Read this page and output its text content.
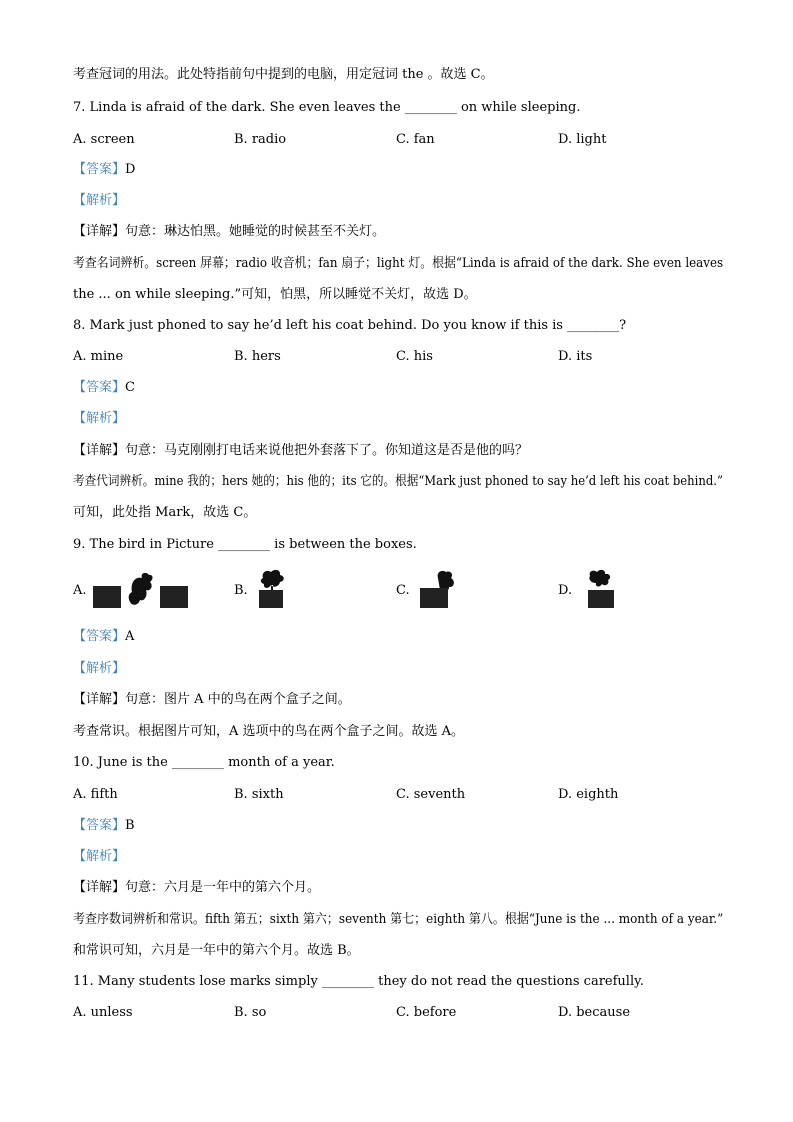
考查冠词的用法。此处特指前句中提到的电脑，用定冠词 the 。故选 C。
7. Linda is afraid of the dark. She even leaves the ________ on while sleeping.
A. screen	B. radio	C. fan	D. light
【答案】D
【解析】
【详解】句意：琳达怕黑。她睡觉的时候甚至不关灯。
考查名词辨析。screen 屏幕；radio 收音机；fan 扇子；light 灯。根据“Linda is afraid of the dark. She even leaves
the ... on while sleeping.”可知，怕黑，所以睡觉不关灯，故选 D。
8. Mark just phoned to say he’d left his coat behind. Do you know if this is ________?
A. mine	B. hers	C. his	D. its
【答案】C
【解析】
【详解】句意：马克刚刚打电话来说他把外套落下了。你知道这是否是他的吗？
考查代词辨析。mine 我的；hers 她的；his 他的；its 它的。根据“Mark just phoned to say he’d left his coat behind.”
可知，此处指 Mark，故选 C。
9. The bird in Picture ________ is between the boxes.
A.	B.	C.	D.
【答案】A
【解析】
【详解】句意：图片 A 中的鸟在两个盒子之间。
考查常识。根据图片可知，A 选项中的鸟在两个盒子之间。故选 A。
10. June is the ________ month of a year.
A. fifth	B. sixth	C. seventh	D. eighth
【答案】B
【解析】
【详解】句意：六月是一年中的第六个月。
考查序数词辨析和常识。fifth 第五；sixth 第六；seventh 第七；eighth 第八。根据“June is the ... month of a year.”
和常识可知，六月是一年中的第六个月。故选 B。
11. Many students lose marks simply ________ they do not read the questions carefully.
A. unless	B. so	C. before	D. because
